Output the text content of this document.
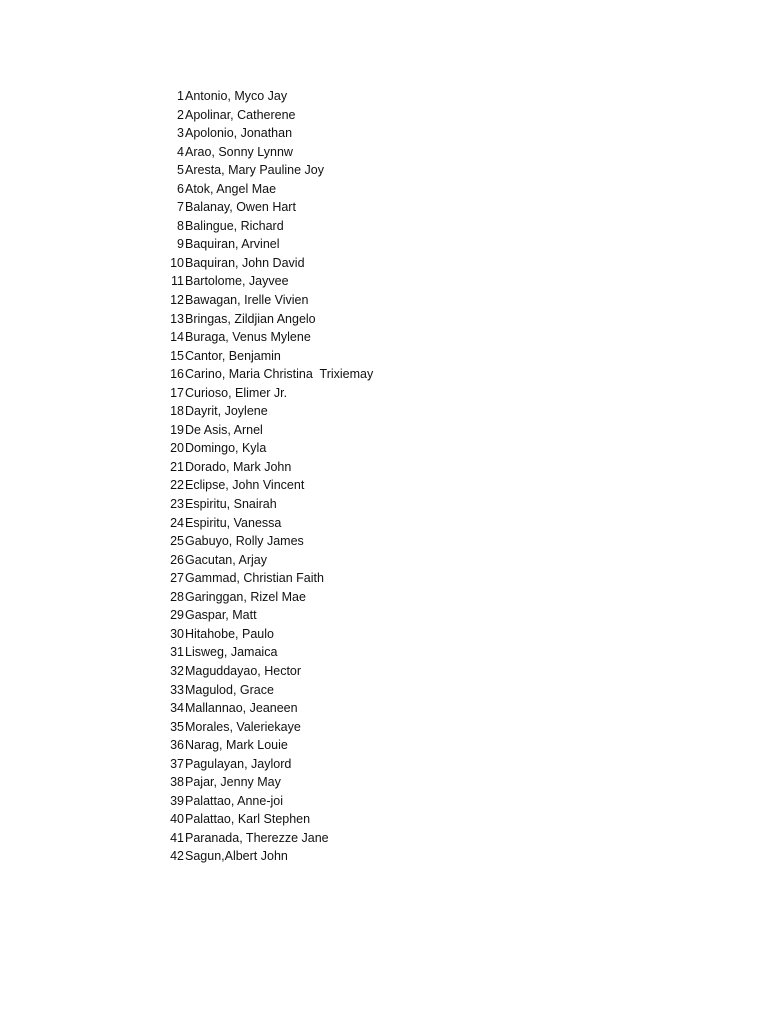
1 Antonio, Myco Jay
2 Apolinar, Catherene
3 Apolonio, Jonathan
4 Arao, Sonny Lynnw
5 Aresta, Mary Pauline Joy
6 Atok, Angel Mae
7 Balanay, Owen Hart
8 Balingue, Richard
9 Baquiran, Arvinel
10 Baquiran, John David
11 Bartolome, Jayvee
12 Bawagan, Irelle Vivien
13 Bringas, Zildjian Angelo
14 Buraga, Venus Mylene
15 Cantor, Benjamin
16 Carino, Maria Christina  Trixiemay
17 Curioso, Elimer Jr.
18 Dayrit, Joylene
19 De Asis, Arnel
20 Domingo, Kyla
21 Dorado, Mark John
22 Eclipse, John Vincent
23 Espiritu, Snairah
24 Espiritu, Vanessa
25 Gabuyo, Rolly James
26 Gacutan, Arjay
27 Gammad, Christian Faith
28 Garinggan, Rizel Mae
29 Gaspar, Matt
30 Hitahobe, Paulo
31 Lisweg, Jamaica
32 Maguddayao, Hector
33 Magulod, Grace
34 Mallannao, Jeaneen
35 Morales, Valeriekaye
36 Narag, Mark Louie
37 Pagulayan, Jaylord
38 Pajar, Jenny May
39 Palattao, Anne-joi
40 Palattao, Karl Stephen
41 Paranada, Therezze Jane
42 Sagun,Albert John
